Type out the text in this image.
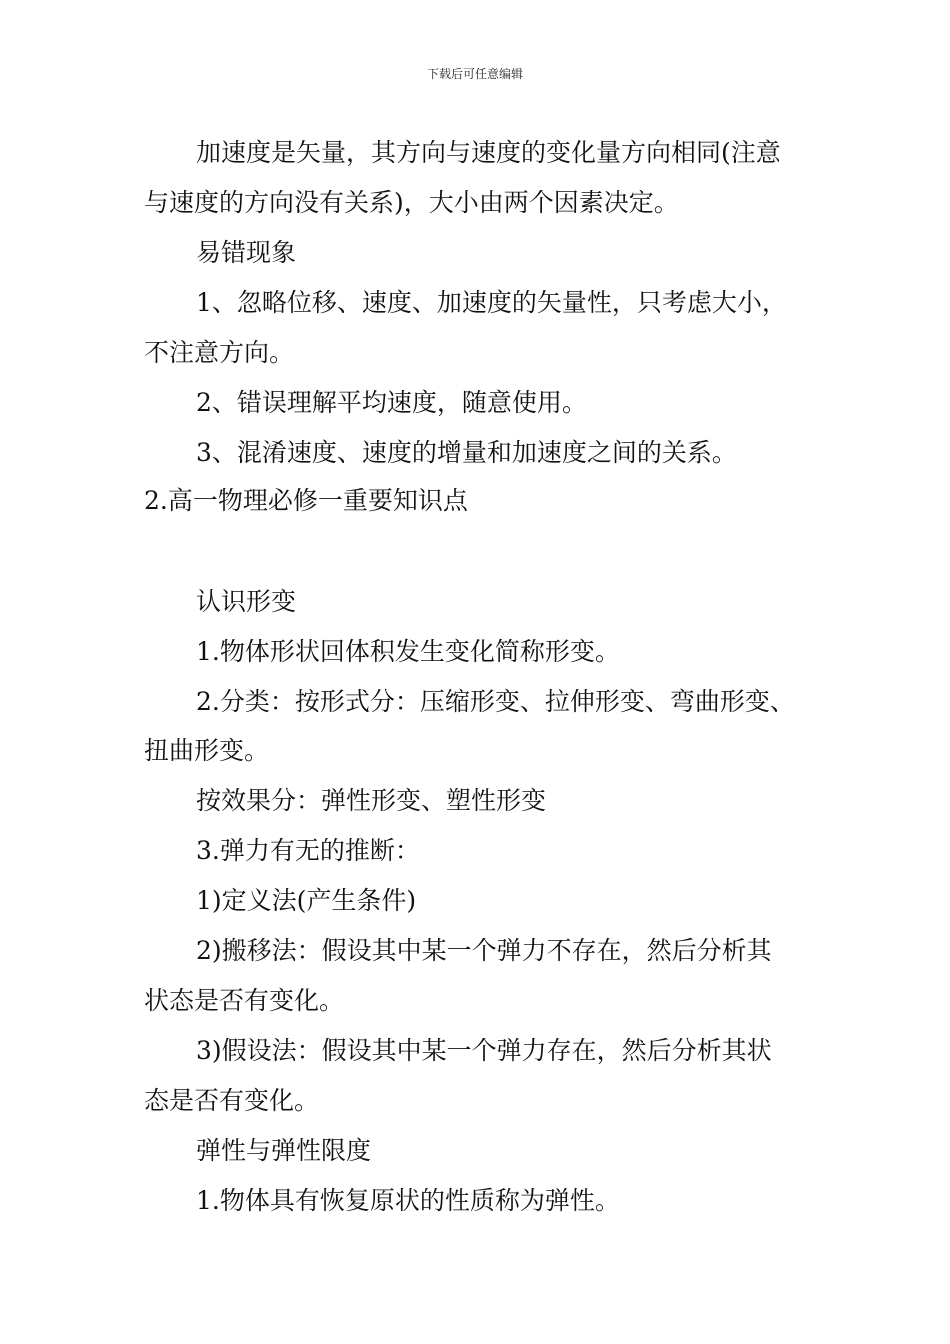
下载后可任意编辑
加速度是矢量，其方向与速度的变化量方向相同(注意
与速度的方向没有关系)，大小由两个因素决定。
易错现象
1、忽略位移、速度、加速度的矢量性，只考虑大小，
不注意方向。
2、错误理解平均速度，随意使用。
3、混淆速度、速度的增量和加速度之间的关系。
2.高一物理必修一重要知识点
认识形变
1.物体形状回体积发生变化简称形变。
2.分类：按形式分：压缩形变、拉伸形变、弯曲形变、
扭曲形变。
按效果分：弹性形变、塑性形变
3.弹力有无的推断：
1)定义法(产生条件)
2)搬移法：假设其中某一个弹力不存在，然后分析其
状态是否有变化。
3)假设法：假设其中某一个弹力存在，然后分析其状
态是否有变化。
弹性与弹性限度
1.物体具有恢复原状的性质称为弹性。
